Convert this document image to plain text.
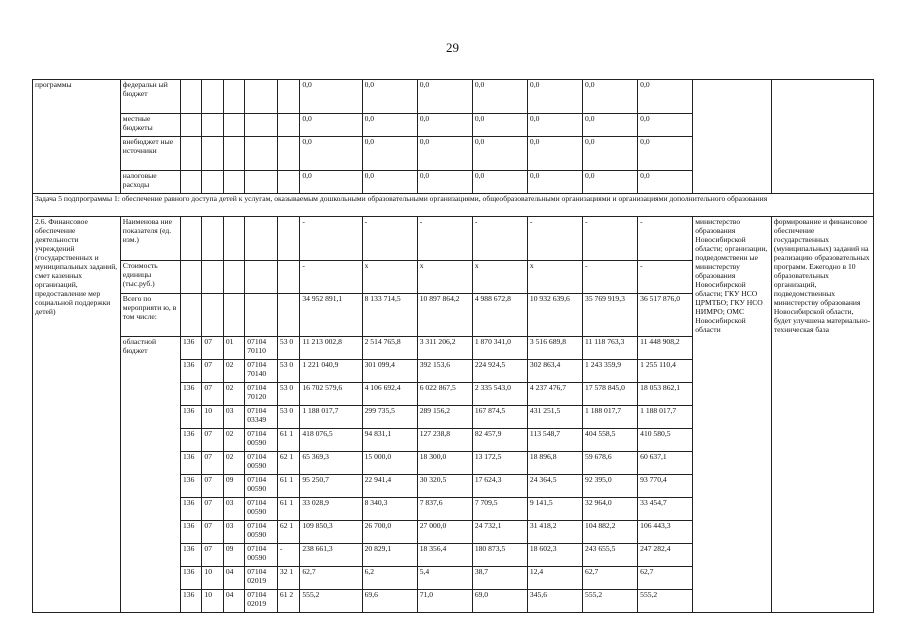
29
программы	федеральн ый бюджет						0,0	0,0	0,0	0,0	0,0	0,0	0,0		
	местные бюджеты						0,0	0,0	0,0	0,0	0,0	0,0	0,0		
	внебюджет ные источники						0,0	0,0	0,0	0,0	0,0	0,0	0,0		
	налоговые расходы						0,0	0,0	0,0	0,0	0,0	0,0	0,0		
Задача 5 подпрограммы 1: обеспечение равного доступа детей к услугам, оказываемым дошкольными образовательными организациями, общеобразовательными организациями и организациями дополнительного образования															
2.6. Финансовое обеспечение деятельности учреждений (государственных и муниципальных заданий, смет казенных организаций, предоставление мер социальной поддержки детей)	Наименова ние показателя (ед. изм.)						-	-	-	-	-	-	-	министерство образования Новосибирской области; организации, подведомственн ые министерству образования Новосибирской области; ГКУ НСО ЦРМТБО; ГКУ НСО НИМРО; ОМС Новосибирской области	формирование и финансовое обеспечение государственных (муниципальных) заданий на реализацию образовательных программ. Ежегодно в 10 образовательных организаций, подведомственных министерству образования Новосибирской области, будет улучшена материально-техническая база
	Стоимость единицы (тыс.руб.)						-	х	х	х	х	-	-		
	Всего по мероприяти ю, в том числе:						34 952 891,1	8 133 714,5	10 897 864,2	4 988 672,8	10 932 639,6	35 769 919,3	36 517 876,0		
	областной бюджет	136	07	01	07104 70110	53 0	11 213 002,8	2 514 765,8	3 311 206,2	1 870 341,0	3 516 689,8	11 118 763,3	11 448 908,2		
		136	07	02	07104 70140	53 0	1 221 040,9	301 099,4	392 153,6	224 924,5	302 863,4	1 243 359,9	1 255 110,4		
		136	07	02	07104 70120	53 0	16 702 579,6	4 106 692,4	6 022 867,5	2 335 543,0	4 237 476,7	17 578 845,0	18 053 862,1		
		136	10	03	07104 03349	53 0	1 188 017,7	299 735,5	289 156,2	167 874,5	431 251,5	1 188 017,7	1 188 017,7		
		136	07	02	07104 00590	61 1	418 076,5	94 831,1	127 238,8	82 457,9	113 548,7	404 558,5	410 580,5		
		136	07	02	07104 00590	62 1	65 369,3	15 000,0	18 300,0	13 172,5	18 896,8	59 678,6	60 637,1		
		136	07	09	07104 00590	61 1	95 250,7	22 941,4	30 320,5	17 624,3	24 364,5	92 395,0	93 770,4		
		136	07	03	07104 00590	61 1	33 028,9	8 340,3	7 837,6	7 709,5	9 141,5	32 964,0	33 454,7		
		136	07	03	07104 00590	62 1	109 850,3	26 700,0	27 000,0	24 732,1	31 418,2	104 882,2	106 443,3		
		136	07	09	07104 00590	-	238 661,3	20 829,1	18 356,4	180 873,5	18 602,3	243 655,5	247 282,4		
		136	10	04	07104 02019	32 1	62,7	6,2	5,4	38,7	12,4	62,7	62,7		
		136	10	04	07104 02019	61 2	555,2	69,6	71,0	69,0	345,6	555,2	555,2		
